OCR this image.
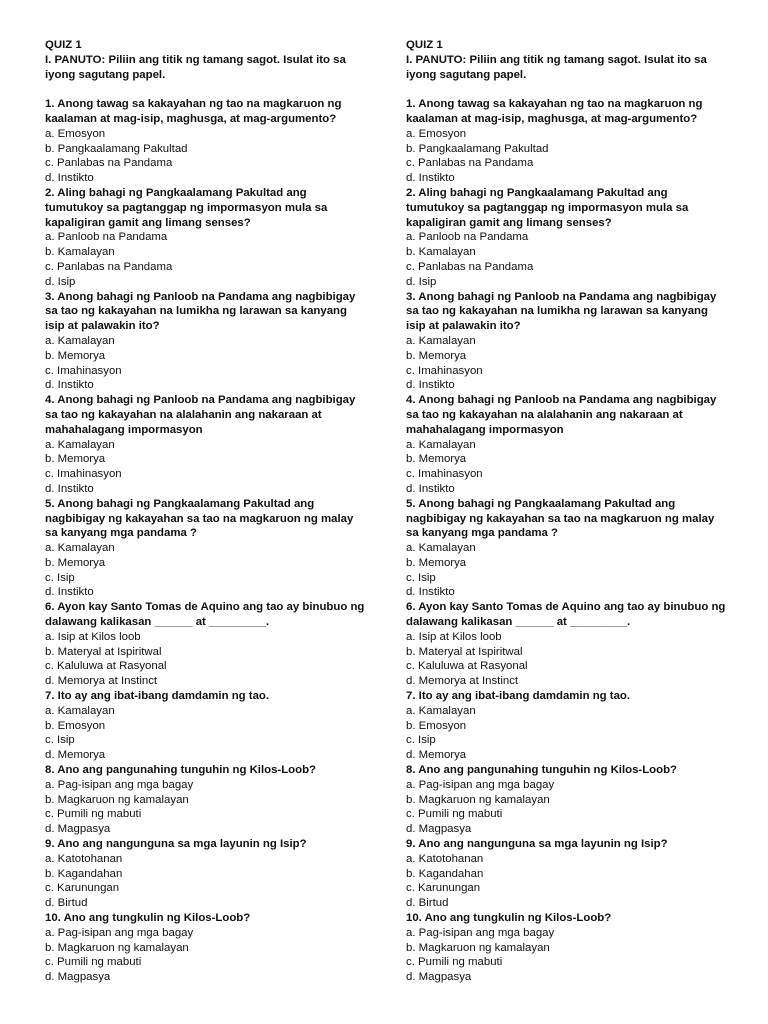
QUIZ 1
I. PANUTO: Piliin ang titik ng tamang sagot. Isulat ito sa iyong sagutang papel.
1. Anong tawag sa kakayahan ng tao na magkaruon ng kaalaman at mag-isip, maghusga, at mag-argumento?
a. Emosyon
b. Pangkaalamang Pakultad
c. Panlabas na Pandama
d. Instikto
2. Aling bahagi ng Pangkaalamang Pakultad ang tumutukoy sa pagtanggap ng impormasyon mula sa kapaligiran gamit ang limang senses?
a. Panloob na Pandama
b. Kamalayan
c. Panlabas na Pandama
d. Isip
3. Anong bahagi ng Panloob na Pandama ang nagbibigay sa tao ng kakayahan na lumikha ng larawan sa kanyang isip at palawakin ito?
a. Kamalayan
b. Memorya
c. Imahinasyon
d. Instikto
4. Anong bahagi ng Panloob na Pandama ang nagbibigay sa tao ng kakayahan na alalahanin ang nakaraan at mahahalagang impormasyon
a. Kamalayan
b. Memorya
c. Imahinasyon
d. Instikto
5. Anong bahagi ng Pangkaalamang Pakultad ang nagbibigay ng kakayahan sa tao na magkaruon ng malay sa kanyang mga pandama ?
a. Kamalayan
b. Memorya
c. Isip
d. Instikto
6. Ayon kay Santo Tomas de Aquino ang tao ay binubuo ng dalawang kalikasan ______ at _________.
a. Isip at Kilos loob
b. Materyal at Ispiritwal
c. Kaluluwa at Rasyonal
d. Memorya at Instinct
7. Ito ay ang ibat-ibang damdamin ng tao.
a. Kamalayan
b. Emosyon
c. Isip
d. Memorya
8. Ano ang pangunahing tunguhin ng Kilos-Loob?
a. Pag-isipan ang mga bagay
b. Magkaruon ng kamalayan
c. Pumili ng mabuti
d. Magpasya
9. Ano ang nangunguna sa mga layunin ng Isip?
a. Katotohanan
b. Kagandahan
c. Karunungan
d. Birtud
10. Ano ang tungkulin ng Kilos-Loob?
a. Pag-isipan ang mga bagay
b. Magkaruon ng kamalayan
c. Pumili ng mabuti
d. Magpasya
QUIZ 1
I. PANUTO: Piliin ang titik ng tamang sagot. Isulat ito sa iyong sagutang papel.
1. Anong tawag sa kakayahan ng tao na magkaruon ng kaalaman at mag-isip, maghusga, at mag-argumento?
a. Emosyon
b. Pangkaalamang Pakultad
c. Panlabas na Pandama
d. Instikto
2. Aling bahagi ng Pangkaalamang Pakultad ang tumutukoy sa pagtanggap ng impormasyon mula sa kapaligiran gamit ang limang senses?
a. Panloob na Pandama
b. Kamalayan
c. Panlabas na Pandama
d. Isip
3. Anong bahagi ng Panloob na Pandama ang nagbibigay sa tao ng kakayahan na lumikha ng larawan sa kanyang isip at palawakin ito?
a. Kamalayan
b. Memorya
c. Imahinasyon
d. Instikto
4. Anong bahagi ng Panloob na Pandama ang nagbibigay sa tao ng kakayahan na alalahanin ang nakaraan at mahahalagang impormasyon
a. Kamalayan
b. Memorya
c. Imahinasyon
d. Instikto
5. Anong bahagi ng Pangkaalamang Pakultad ang nagbibigay ng kakayahan sa tao na magkaruon ng malay sa kanyang mga pandama ?
a. Kamalayan
b. Memorya
c. Isip
d. Instikto
6. Ayon kay Santo Tomas de Aquino ang tao ay binubuo ng dalawang kalikasan ______ at _________.
a. Isip at Kilos loob
b. Materyal at Ispiritwal
c. Kaluluwa at Rasyonal
d. Memorya at Instinct
7. Ito ay ang ibat-ibang damdamin ng tao.
a. Kamalayan
b. Emosyon
c. Isip
d. Memorya
8. Ano ang pangunahing tunguhin ng Kilos-Loob?
a. Pag-isipan ang mga bagay
b. Magkaruon ng kamalayan
c. Pumili ng mabuti
d. Magpasya
9. Ano ang nangunguna sa mga layunin ng Isip?
a. Katotohanan
b. Kagandahan
c. Karunungan
d. Birtud
10. Ano ang tungkulin ng Kilos-Loob?
a. Pag-isipan ang mga bagay
b. Magkaruon ng kamalayan
c. Pumili ng mabuti
d. Magpasya
